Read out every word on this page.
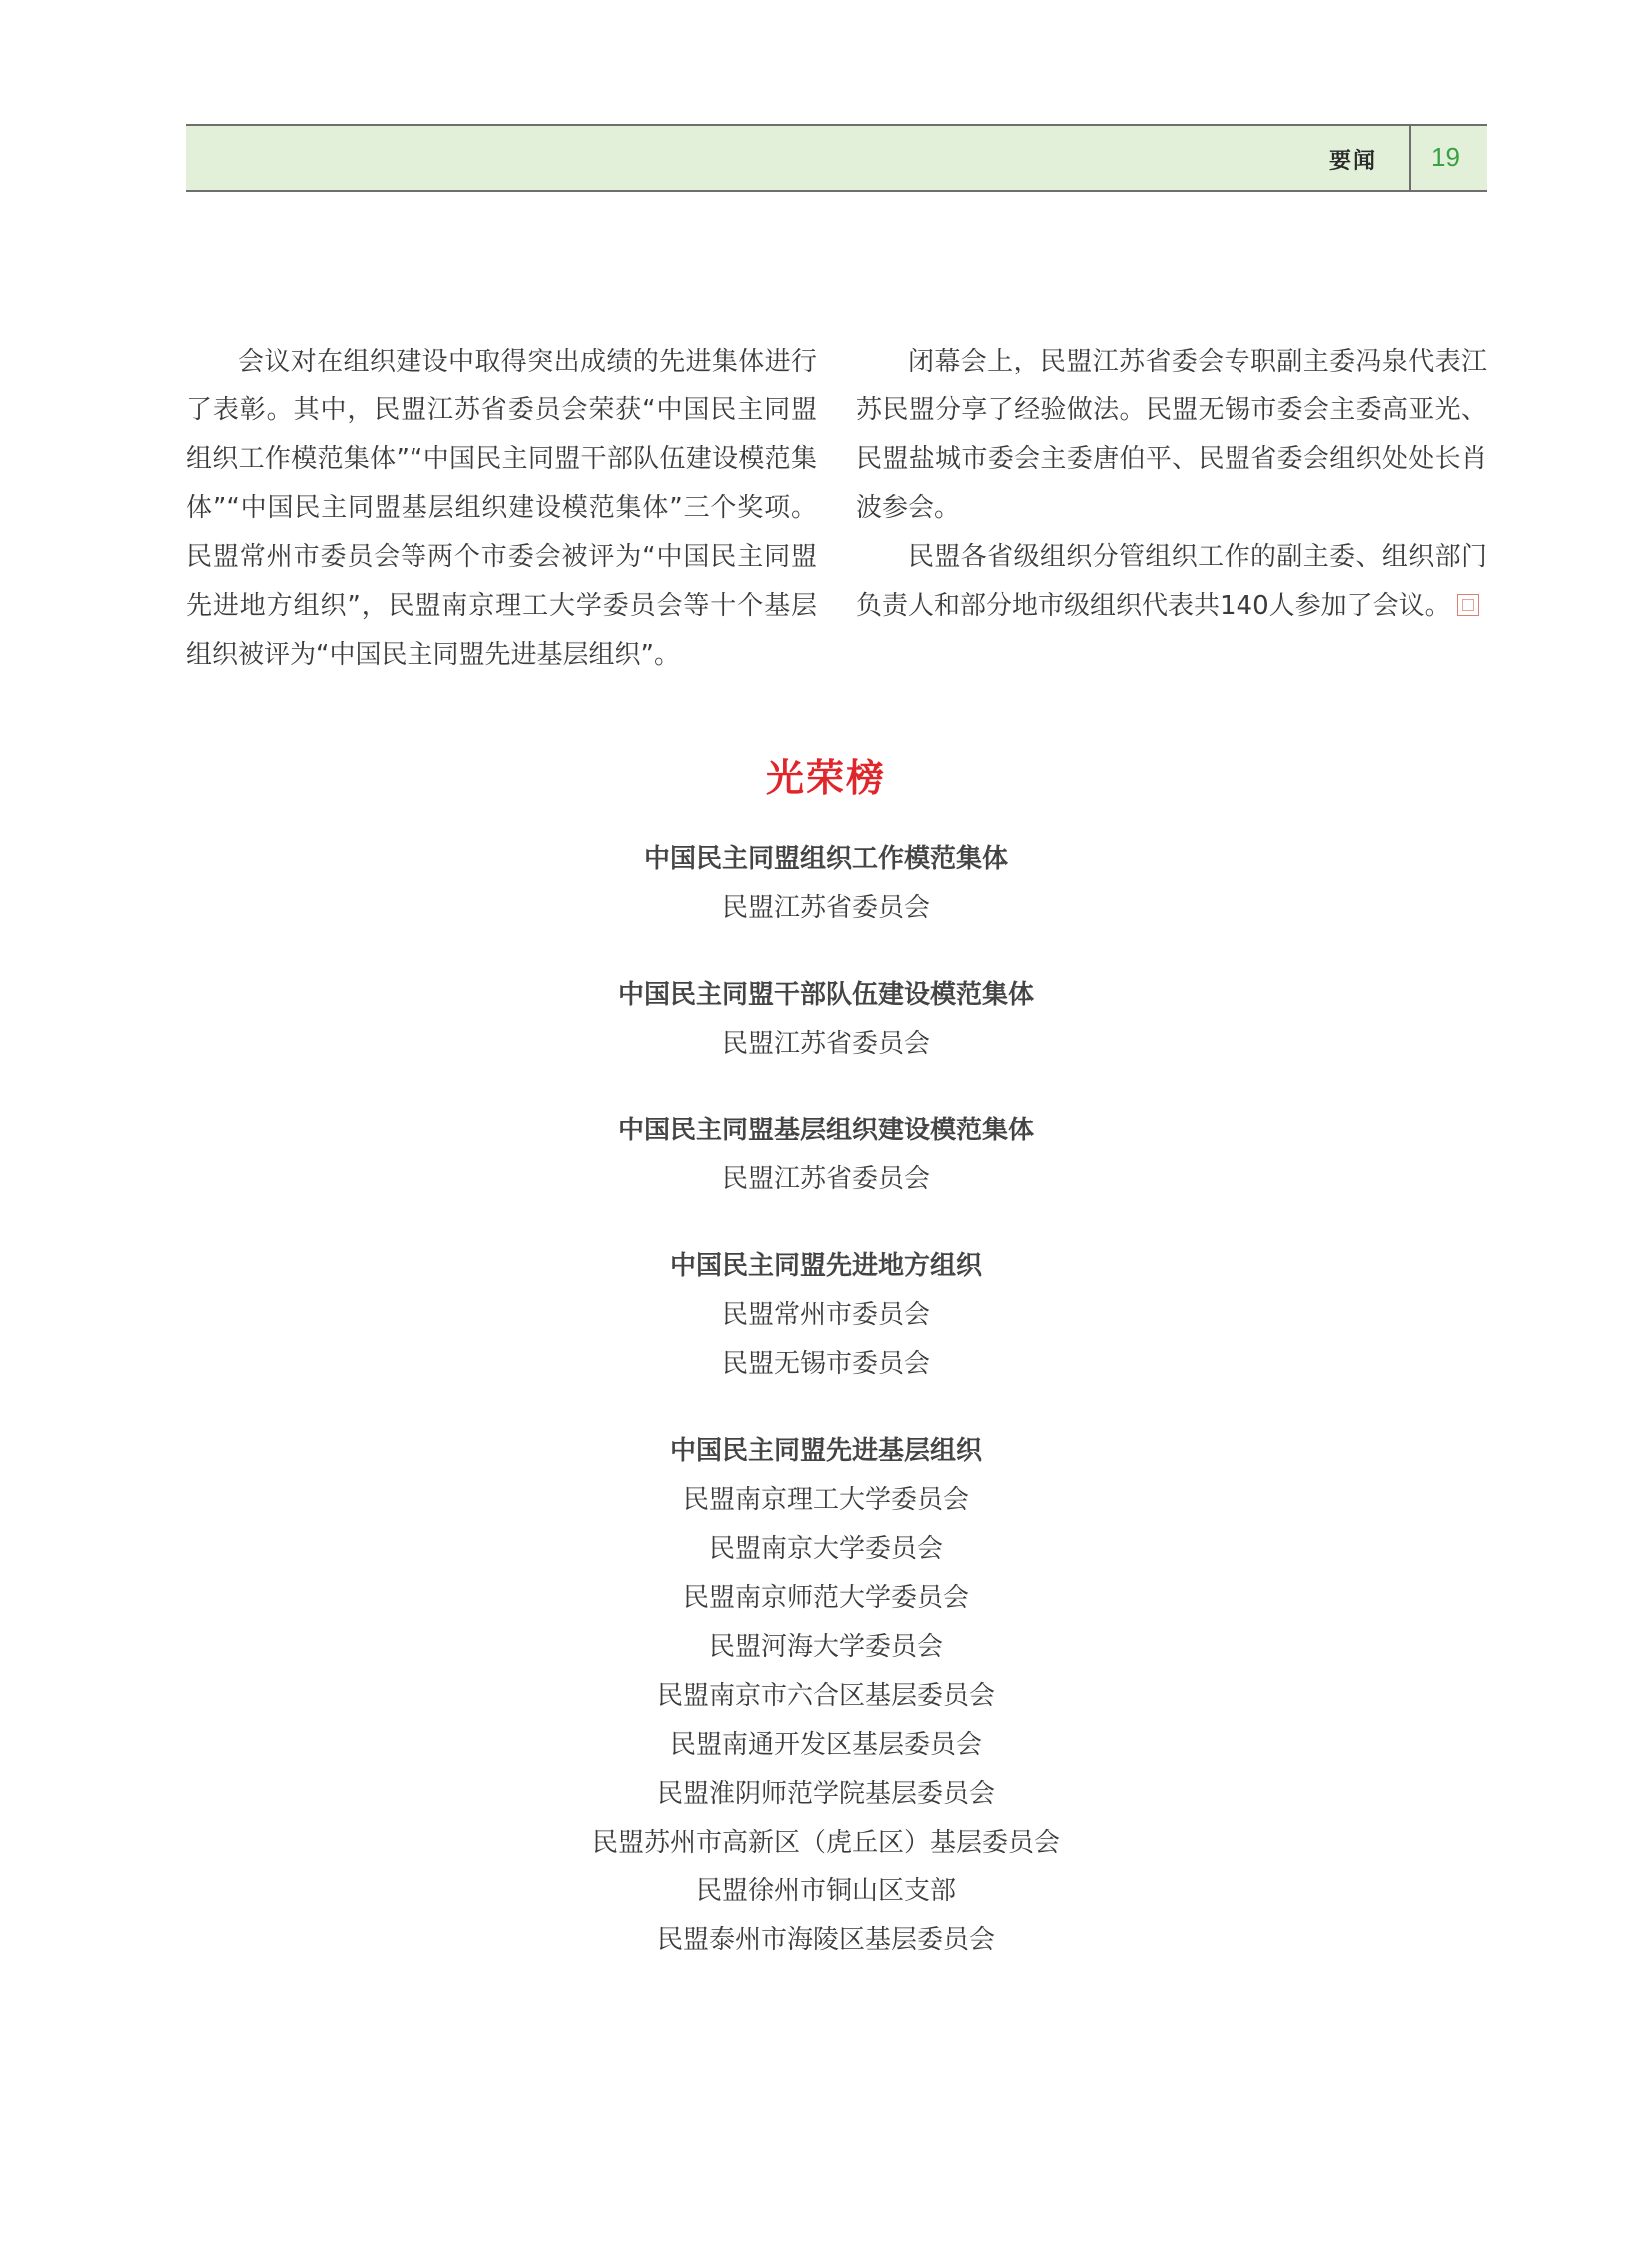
要闻 19

会议对在组织建设中取得突出成绩的先进集体进行了表彰。其中，民盟江苏省委员会荣获“中国民主同盟组织工作模范集体”“中国民主同盟干部队伍建设模范集体”“中国民主同盟基层组织建设模范集体”三个奖项。民盟常州市委员会等两个市委会被评为“中国民主同盟先进地方组织”，民盟南京理工大学委员会等十个基层组织被评为“中国民主同盟先进基层组织”。

闭幕会上，民盟江苏省委会专职副主委冯泉代表江苏民盟分享了经验做法。民盟无锡市委会主委高亚光、民盟盐城市委会主委唐伯平、民盟省委会组织处处长肖波参会。

民盟各省级组织分管组织工作的副主委、组织部门负责人和部分地市级组织代表共140人参加了会议。

光荣榜
中国民主同盟组织工作模范集体
民盟江苏省委员会
中国民主同盟干部队伍建设模范集体
民盟江苏省委员会
中国民主同盟基层组织建设模范集体
民盟江苏省委员会
中国民主同盟先进地方组织
民盟常州市委员会
民盟无锡市委员会
中国民主同盟先进基层组织
民盟南京理工大学委员会
民盟南京大学委员会
民盟南京师范大学委员会
民盟河海大学委员会
民盟南京市六合区基层委员会
民盟南通开发区基层委员会
民盟淮阴师范学院基层委员会
民盟苏州市高新区（虎丘区）基层委员会
民盟徐州市铜山区支部
民盟泰州市海陵区基层委员会
